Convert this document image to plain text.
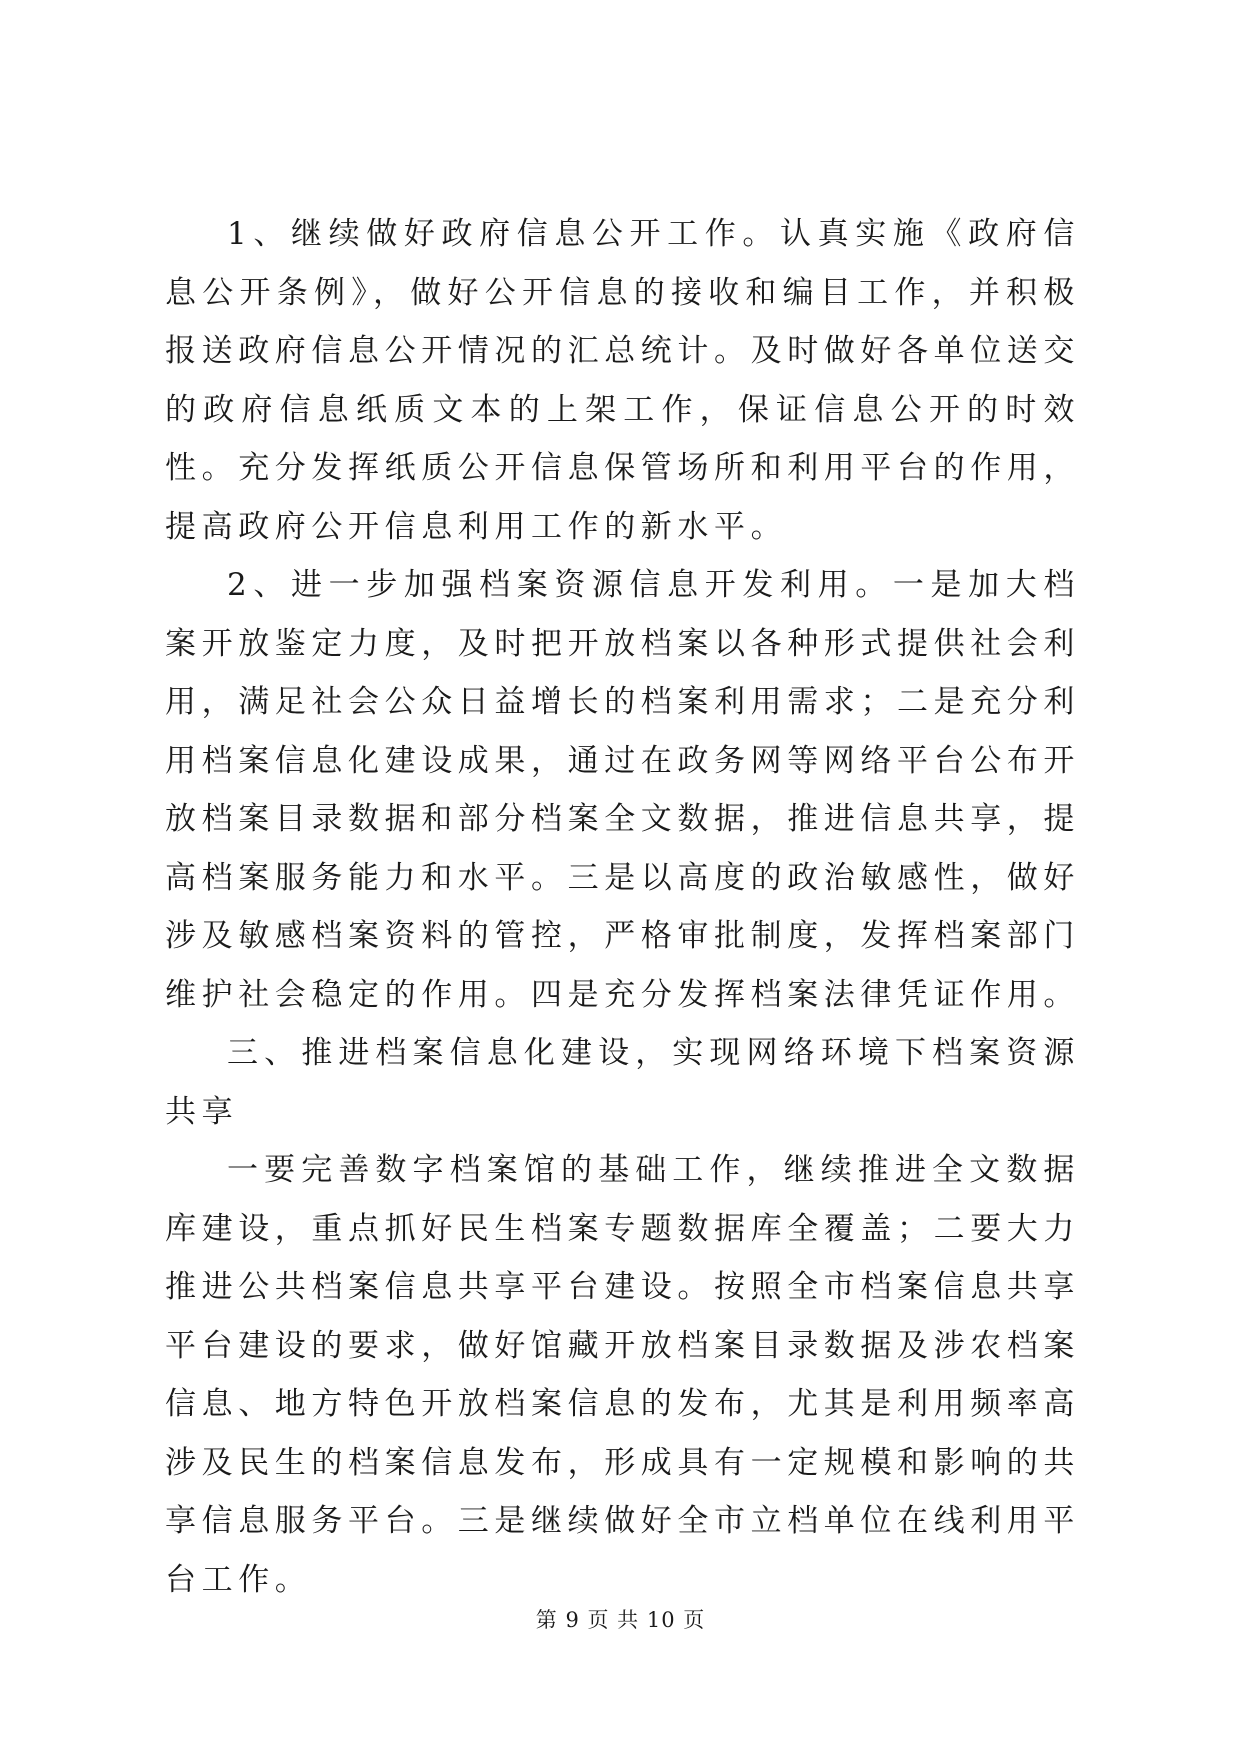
1、继续做好政府信息公开工作。认真实施《政府信息公开条例》，做好公开信息的接收和编目工作，并积极报送政府信息公开情况的汇总统计。及时做好各单位送交的政府信息纸质文本的上架工作，保证信息公开的时效性。充分发挥纸质公开信息保管场所和利用平台的作用，提高政府公开信息利用工作的新水平。

2、进一步加强档案资源信息开发利用。一是加大档案开放鉴定力度，及时把开放档案以各种形式提供社会利用，满足社会公众日益增长的档案利用需求；二是充分利用档案信息化建设成果，通过在政务网等网络平台公布开放档案目录数据和部分档案全文数据，推进信息共享，提高档案服务能力和水平。三是以高度的政治敏感性，做好涉及敏感档案资料的管控，严格审批制度，发挥档案部门维护社会稳定的作用。四是充分发挥档案法律凭证作用。

三、推进档案信息化建设，实现网络环境下档案资源共享

一要完善数字档案馆的基础工作，继续推进全文数据库建设，重点抓好民生档案专题数据库全覆盖；二要大力推进公共档案信息共享平台建设。按照全市档案信息共享平台建设的要求，做好馆藏开放档案目录数据及涉农档案信息、地方特色开放档案信息的发布，尤其是利用频率高涉及民生的档案信息发布，形成具有一定规模和影响的共享信息服务平台。三是继续做好全市立档单位在线利用平台工作。

第 9 页 共 10 页
